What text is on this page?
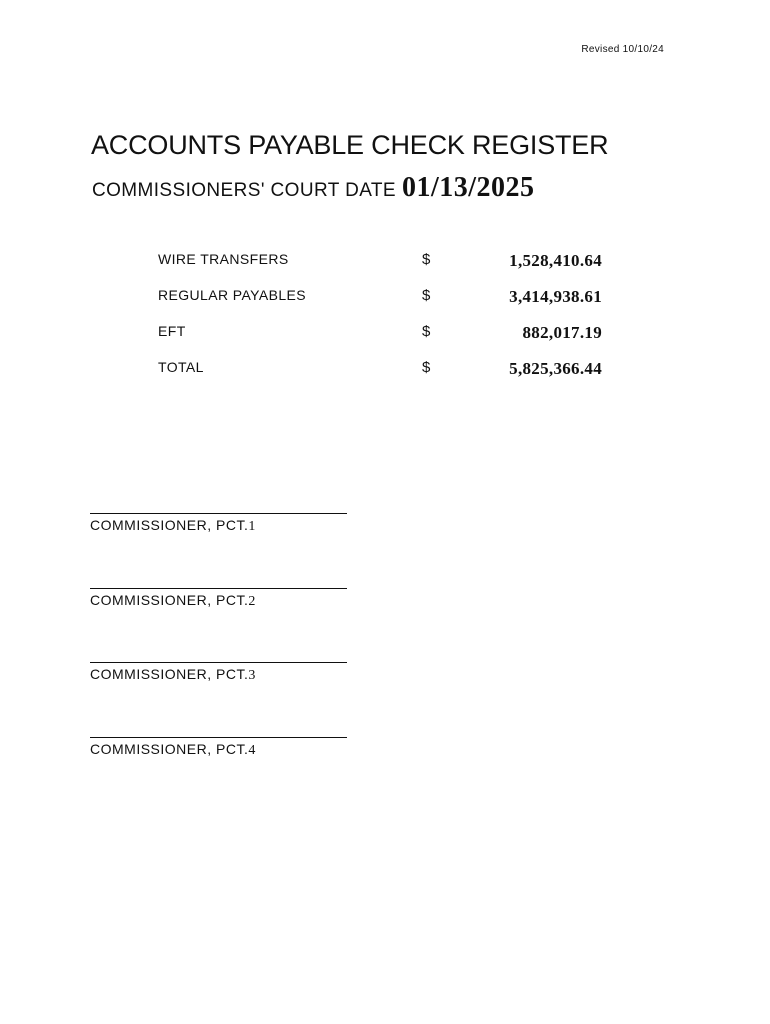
Revised 10/10/24
ACCOUNTS PAYABLE CHECK REGISTER
COMMISSIONERS' COURT DATE 01/13/2025
WIRE TRANSFERS	$	1,528,410.64
REGULAR PAYABLES	$	3,414,938.61
EFT	$	882,017.19
TOTAL	$	5,825,366.44
COMMISSIONER, PCT.1
COMMISSIONER, PCT.2
COMMISSIONER, PCT.3
COMMISSIONER, PCT.4
